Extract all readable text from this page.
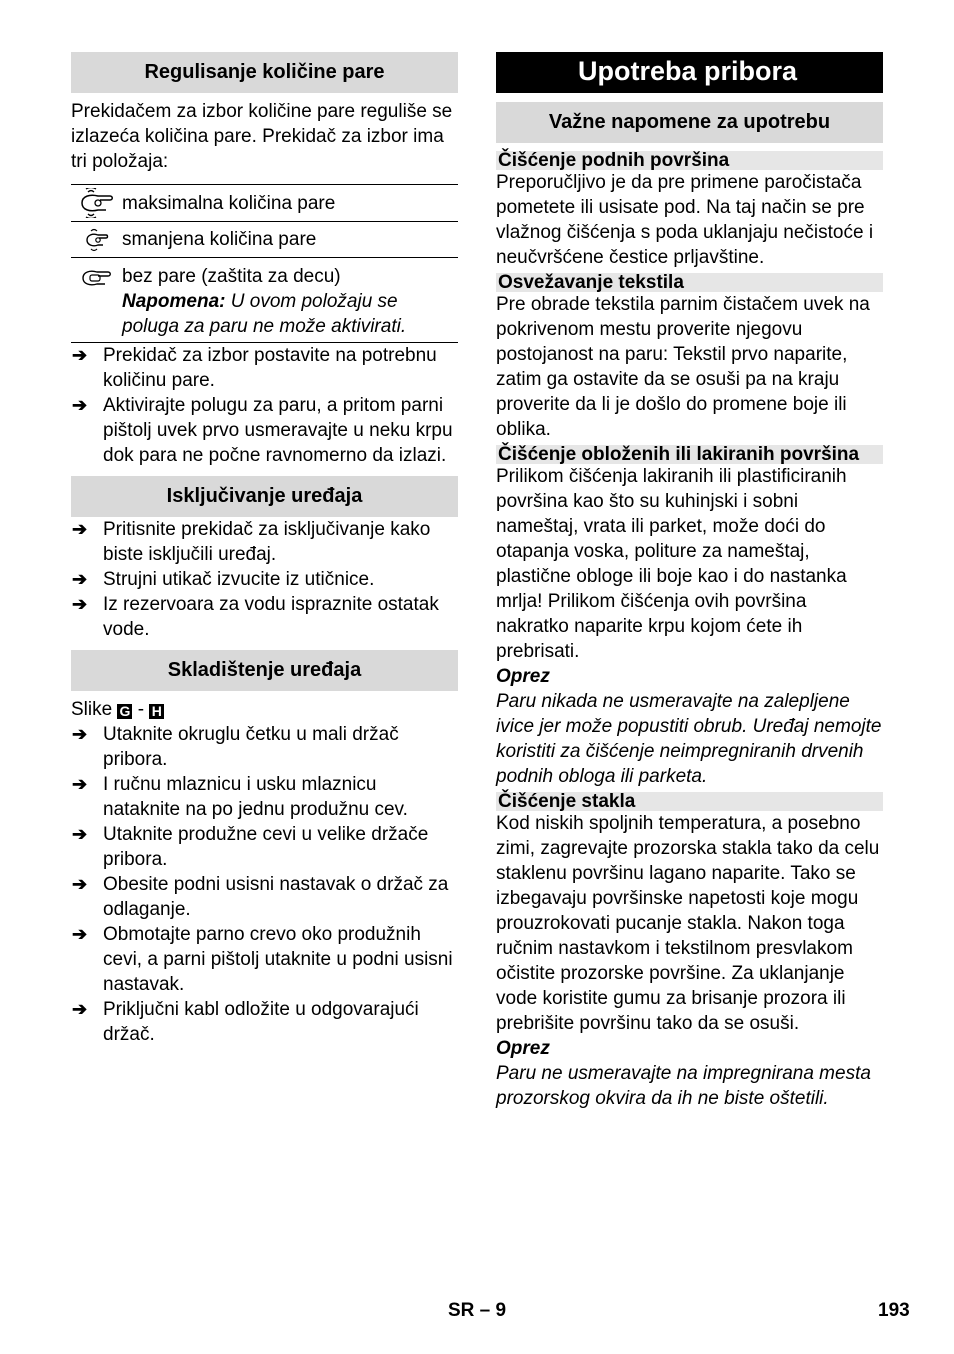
Regulisanje količine pare

Prekidačem za izbor količine pare reguliše se izlazeća količina pare. Prekidač za izbor ima tri položaja:

maksimalna količina pare
smanjena količina pare
bez pare (zaštita za decu)
Napomena: U ovom položaju se poluga za paru ne može aktivirati.
➔ Prekidač za izbor postavite na potrebnu količinu pare.
➔ Aktivirajte polugu za paru, a pritom parni pištolj uvek prvo usmeravajte u neku krpu dok para ne počne ravnomerno da izlazi.
Isključivanje uređaja
➔ Pritisnite prekidač za isključivanje kako biste isključili uređaj.
➔ Strujni utikač izvucite iz utičnice.
➔ Iz rezervoara za vodu ispraznite ostatak vode.
Skladištenje uređaja

Slike G - H

➔ Utaknite okruglu četku u mali držač pribora.
➔ I ručnu mlaznicu i usku mlaznicu nataknite na po jednu produžnu cev.
➔ Utaknite produžne cevi u velike držače pribora.
➔ Obesite podni usisni nastavak o držač za odlaganje.
➔ Obmotajte parno crevo oko produžnih cevi, a parni pištolj utaknite u podni usisni nastavak.
➔ Priključni kabl odložite u odgovarajući držač.
Upotreba pribora
Važne napomene za upotrebu
Čišćenje podnih površina

Preporučljivo je da pre primene paročistača pometete ili usisate pod. Na taj način se pre vlažnog čišćenja s poda uklanjaju nečistoće i neučvršćene čestice prljavštine.

Osvežavanje tekstila

Pre obrade tekstila parnim čistačem uvek na pokrivenom mestu proverite njegovu postojanost na paru: Tekstil prvo naparite, zatim ga ostavite da se osuši pa na kraju proverite da li je došlo do promene boje ili oblika.

Čišćenje obloženih ili lakiranih površina

Prilikom čišćenja lakiranih ili plastificiranih površina kao što su kuhinjski i sobni nameštaj, vrata ili parket, može doći do otapanja voska, politure za nameštaj, plastične obloge ili boje kao i do nastanka mrlja! Prilikom čišćenja ovih površina nakratko naparite krpu kojom ćete ih prebrisati.

Oprez

Paru nikada ne usmeravajte na zalepljene ivice jer može popustiti obrub. Uređaj nemojte koristiti za čišćenje neimpregniranih drvenih podnih obloga ili parketa.

Čišćenje stakla

Kod niskih spoljnih temperatura, a posebno zimi, zagrevajte prozorska stakla tako da celu staklenu površinu lagano naparite. Tako se izbegavaju površinske napetosti koje mogu prouzrokovati pucanje stakla. Nakon toga ručnim nastavkom i tekstilnom presvlakom očistite prozorske površine. Za uklanjanje vode koristite gumu za brisanje prozora ili prebrišite površinu tako da se osuši.

Oprez

Paru ne usmeravajte na impregnirana mesta prozorskog okvira da ih ne biste oštetili.

SR – 9	193
